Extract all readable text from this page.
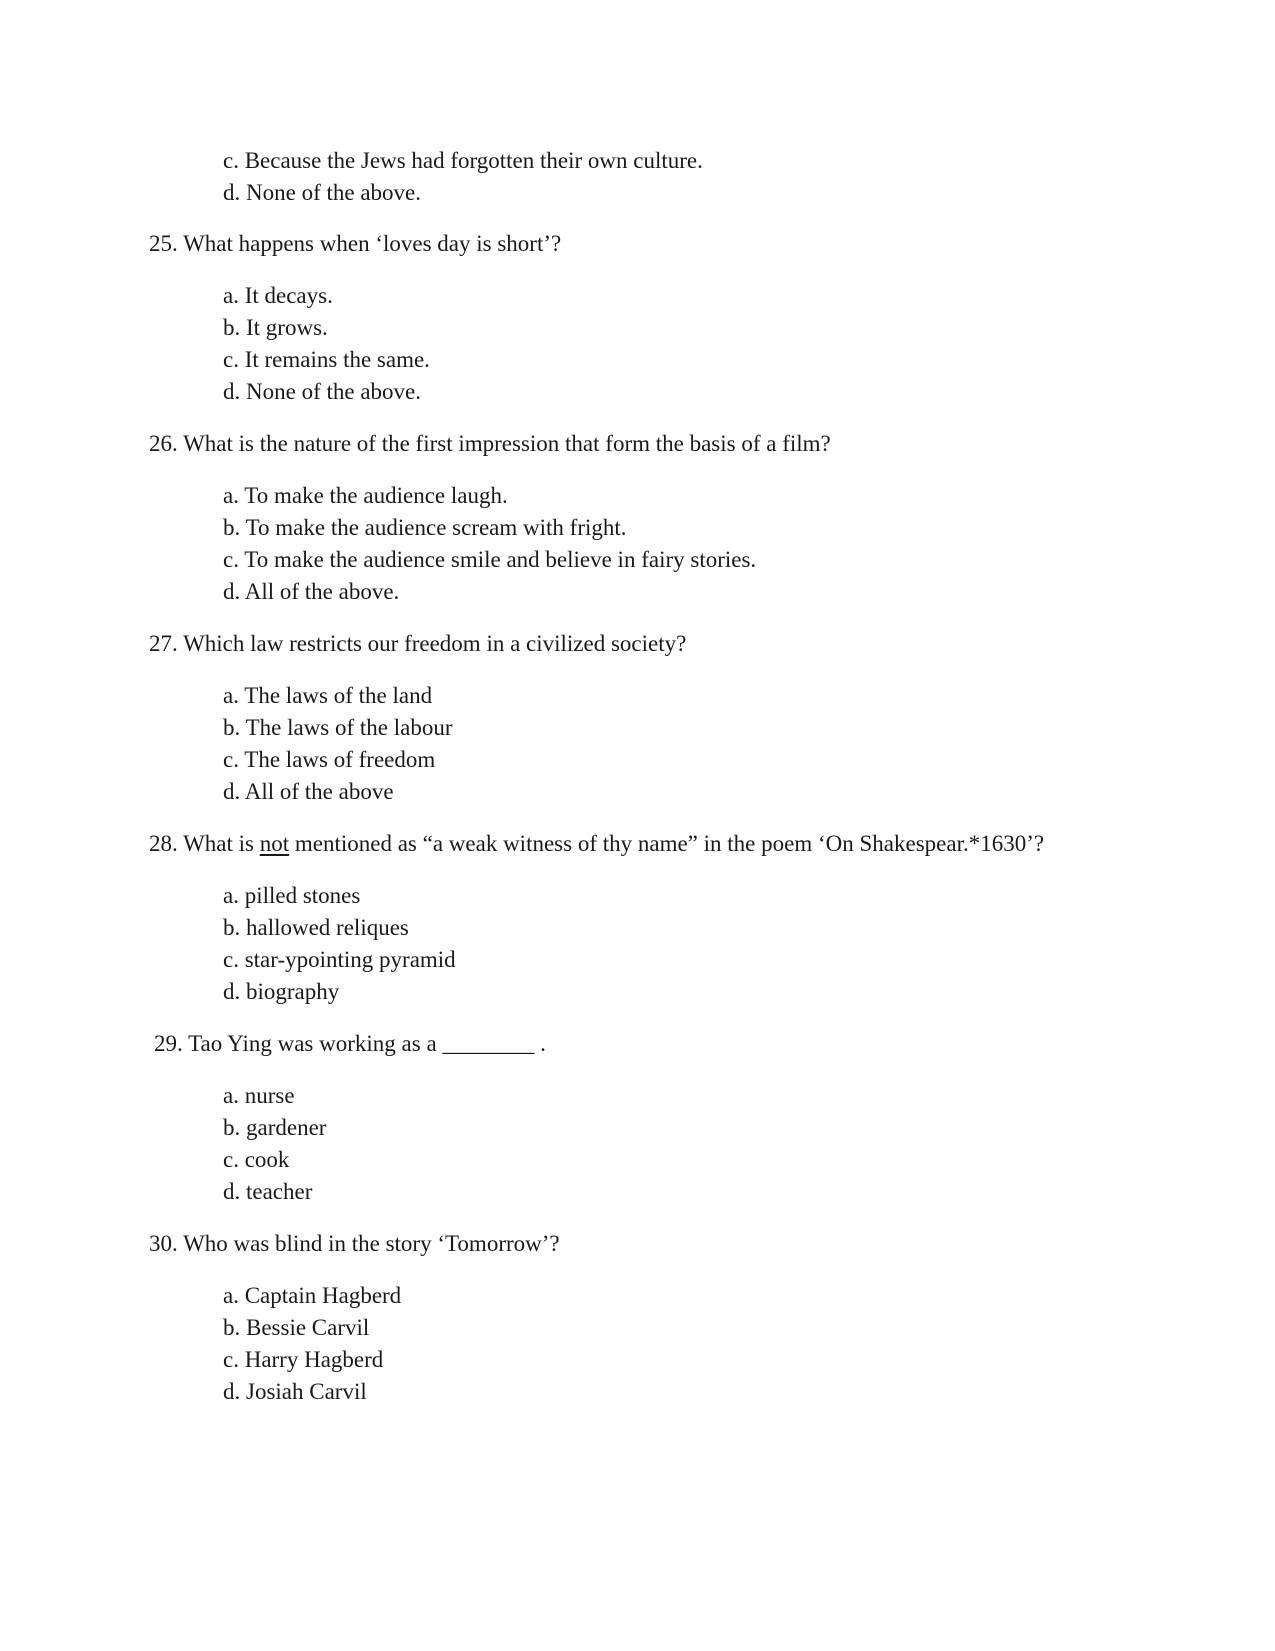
c. Because the Jews had forgotten their own culture.
d. None of the above.
25. What happens when ‘loves day is short’?
a. It decays.
b. It grows.
c. It remains the same.
d. None of the above.
26. What is the nature of the first impression that form the basis of a film?
a. To make the audience laugh.
b. To make the audience scream with fright.
c. To make the audience smile and believe in fairy stories.
d. All of the above.
27. Which law restricts our freedom in a civilized society?
a. The laws of the land
b. The laws of the labour
c. The laws of freedom
d. All of the above
28. What is not mentioned as “a weak witness of thy name” in the poem ‘On Shakespear.*1630’?
a. pilled stones
b. hallowed reliques
c. star-ypointing pyramid
d. biography
29. Tao Ying was working as a ________ .
a. nurse
b. gardener
c. cook
d. teacher
30. Who was blind in the story ‘Tomorrow’?
a. Captain Hagberd
b. Bessie Carvil
c. Harry Hagberd
d. Josiah Carvil
